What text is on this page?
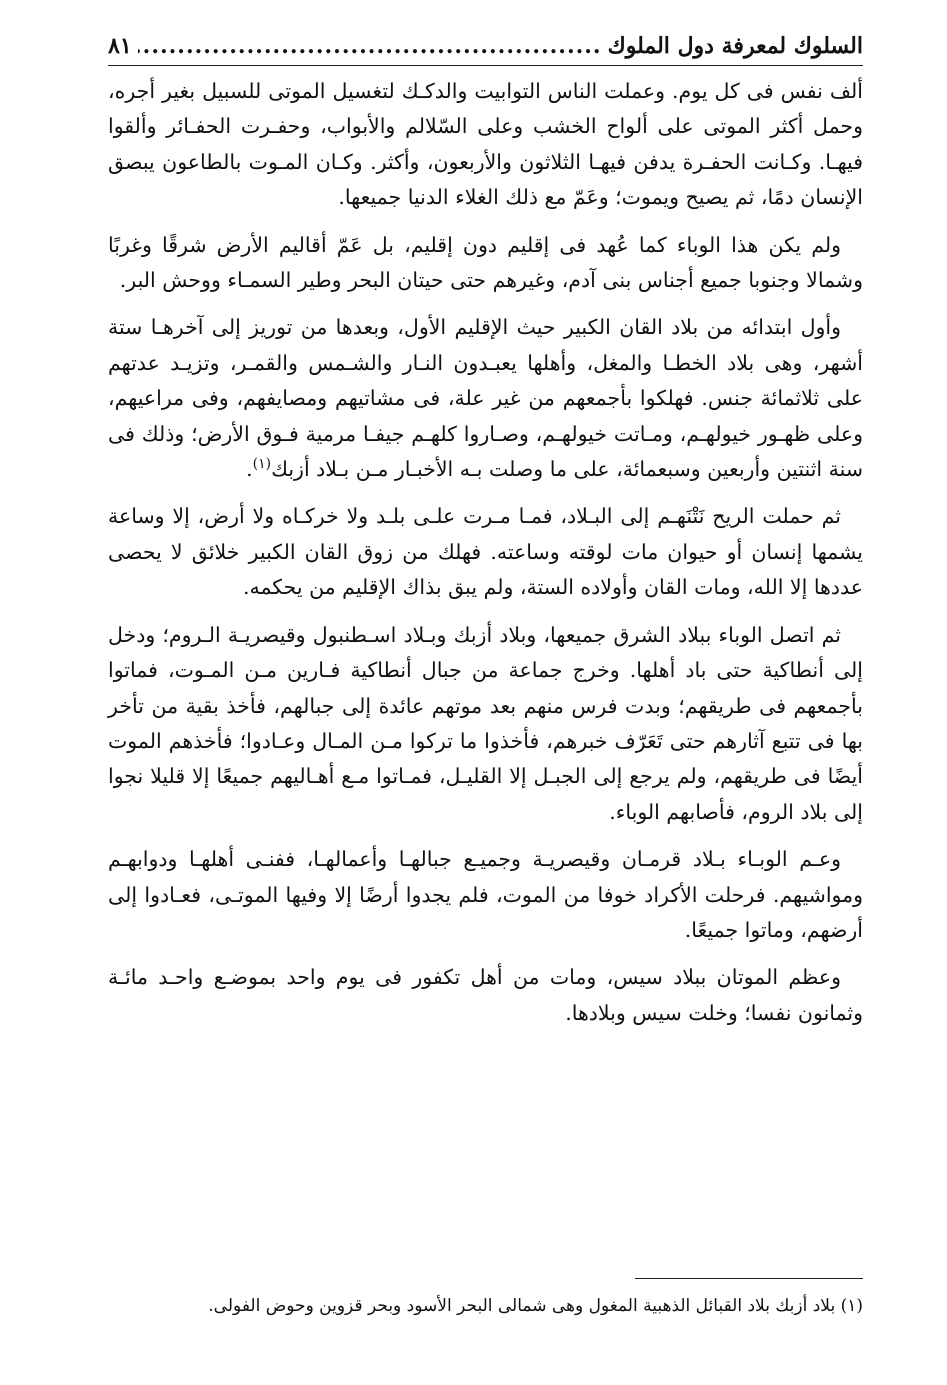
السلوك لمعرفة دول الملوك
.....
٨١

ألف نفس فى كل يوم. وعملت الناس التوابيت والدكـك لتغسيل الموتى للسبيل بغير أجره، وحمل أكثر الموتى على ألواح الخشب وعلى السّلالم والأبواب، وحفـرت الحفـائر وألقوا فيهـا. وكـانت الحفـرة يدفن فيهـا الثلاثون والأربعون، وأكثر. وكـان المـوت بالطاعون يبصق الإنسان دمًا، ثم يصيح ويموت؛ وعَمّ مع ذلك الغلاء الدنيا جميعها.

ولم يكن هذا الوباء كما عُهد فى إقليم دون إقليم، بل عَمّ أقاليم الأرض شرقًا وغربًا وشمالا وجنوبا جميع أجناس بنى آدم، وغيرهم حتى حيتان البحر وطير السمـاء ووحش البر.

وأول ابتدائه من بلاد القان الكبير حيث الإقليم الأول، وبعدها من توريز إلى آخرهـا ستة أشهر، وهى بلاد الخطـا والمغل، وأهلها يعبـدون النـار والشـمس والقمـر، وتزيـد عدتهم على ثلاثمائة جنس. فهلكوا بأجمعهم من غير علة، فى مشاتيهم ومصايفهم، وفى مراعيهم، وعلى ظهـور خيولهـم، ومـاتت خيولهـم، وصـاروا كلهـم جيفـا مرمية فـوق الأرض؛ وذلك فى سنة اثنتين وأربعين وسبعمائة، على ما وصلت بـه الأخبـار مـن بـلاد أزبك$^{(١)}$.

ثم حملت الريح نَتْنَهـم إلى البـلاد، فمـا مـرت علـى بلـد ولا خركـاه ولا أرض، إلا وساعة يشمها إنسان أو حيوان مات لوقته وساعته. فهلك من زوق القان الكبير خلائق لا يحصى عددها إلا الله، ومات القان وأولاده الستة، ولم يبق بذاك الإقليم من يحكمه.

ثم اتصل الوباء ببلاد الشرق جميعها، وبلاد أزبك وبـلاد اسـطنبول وقيصريـة الـروم؛ ودخل إلى أنطاكية حتى باد أهلها. وخرج جماعة من جبال أنطاكية فـارين مـن المـوت، فماتوا بأجمعهم فى طريقهم؛ وبدت فرس منهم بعد موتهم عائدة إلى جبالهم، فأخذ بقية من تأخر بها فى تتبع آثارهم حتى تَعَرّف خبرهم، فأخذوا ما تركوا مـن المـال وعـادوا؛ فأخذهم الموت أيضًا فى طريقهم، ولم يرجع إلى الجبـل إلا القليـل، فمـاتوا مـع أهـاليهم جميعًا إلا قليلا نجوا إلى بلاد الروم، فأصابهم الوباء.

وعـم الوبـاء بـلاد قرمـان وقيصريـة وجميـع جبالهـا وأعمالهـا، ففنـى أهلهـا ودوابهـم ومواشيهم. فرحلت الأكراد خوفا من الموت، فلم يجدوا أرضًا إلا وفيها الموتـى، فعـادوا إلى أرضهم، وماتوا جميعًا.

وعظم الموتان ببلاد سيس، ومات من أهل تكفور فى يوم واحد بموضـع واحـد مائـة وثمانون نفسا؛ وخلت سيس وبلادها.

(١) بلاد أزبك بلاد القبائل الذهبية المغول وهى شمالى البحر الأسود وبحر قزوين وحوض الفولى.
